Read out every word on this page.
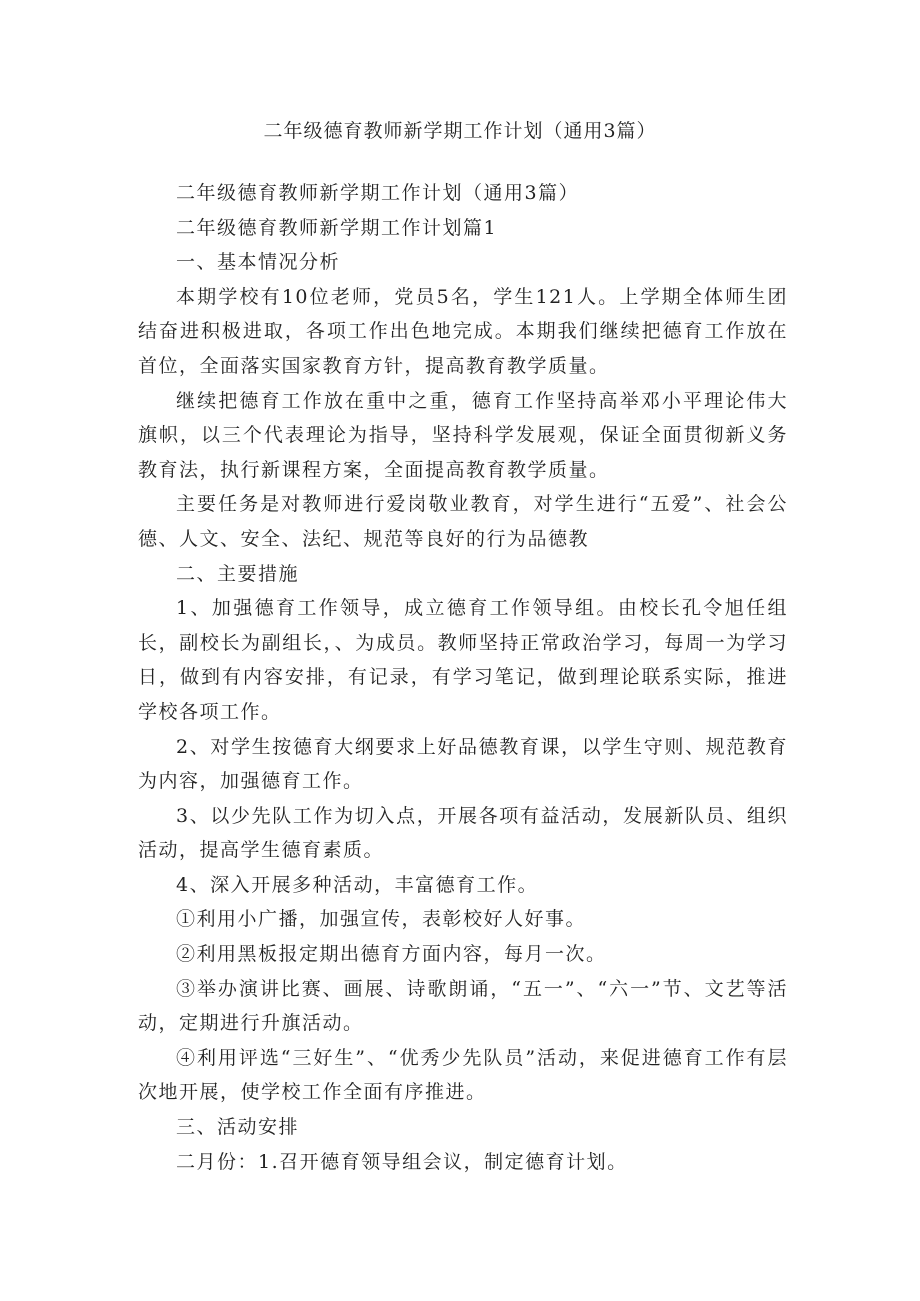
二年级德育教师新学期工作计划（通用3篇）

二年级德育教师新学期工作计划（通用3篇）

二年级德育教师新学期工作计划篇1

一、基本情况分析

本期学校有10位老师，党员5名，学生121人。上学期全体师生团结奋进积极进取，各项工作出色地完成。本期我们继续把德育工作放在首位，全面落实国家教育方针，提高教育教学质量。

继续把德育工作放在重中之重，德育工作坚持高举邓小平理论伟大旗帜，以三个代表理论为指导，坚持科学发展观，保证全面贯彻新义务教育法，执行新课程方案，全面提高教育教学质量。

主要任务是对教师进行爱岗敬业教育，对学生进行“五爱”、社会公德、人文、安全、法纪、规范等良好的行为品德教

二、主要措施

1、加强德育工作领导，成立德育工作领导组。由校长孔令旭任组长，副校长为副组长，、为成员。教师坚持正常政治学习，每周一为学习日，做到有内容安排，有记录，有学习笔记，做到理论联系实际，推进学校各项工作。

2、对学生按德育大纲要求上好品德教育课，以学生守则、规范教育为内容，加强德育工作。

3、以少先队工作为切入点，开展各项有益活动，发展新队员、组织活动，提高学生德育素质。

4、深入开展多种活动，丰富德育工作。

①利用小广播，加强宣传，表彰校好人好事。

②利用黑板报定期出德育方面内容，每月一次。

③举办演讲比赛、画展、诗歌朗诵，“五一”、“六一”节、文艺等活动，定期进行升旗活动。

④利用评选“三好生”、“优秀少先队员”活动，来促进德育工作有层次地开展，使学校工作全面有序推进。

三、活动安排

二月份：1.召开德育领导组会议，制定德育计划。
